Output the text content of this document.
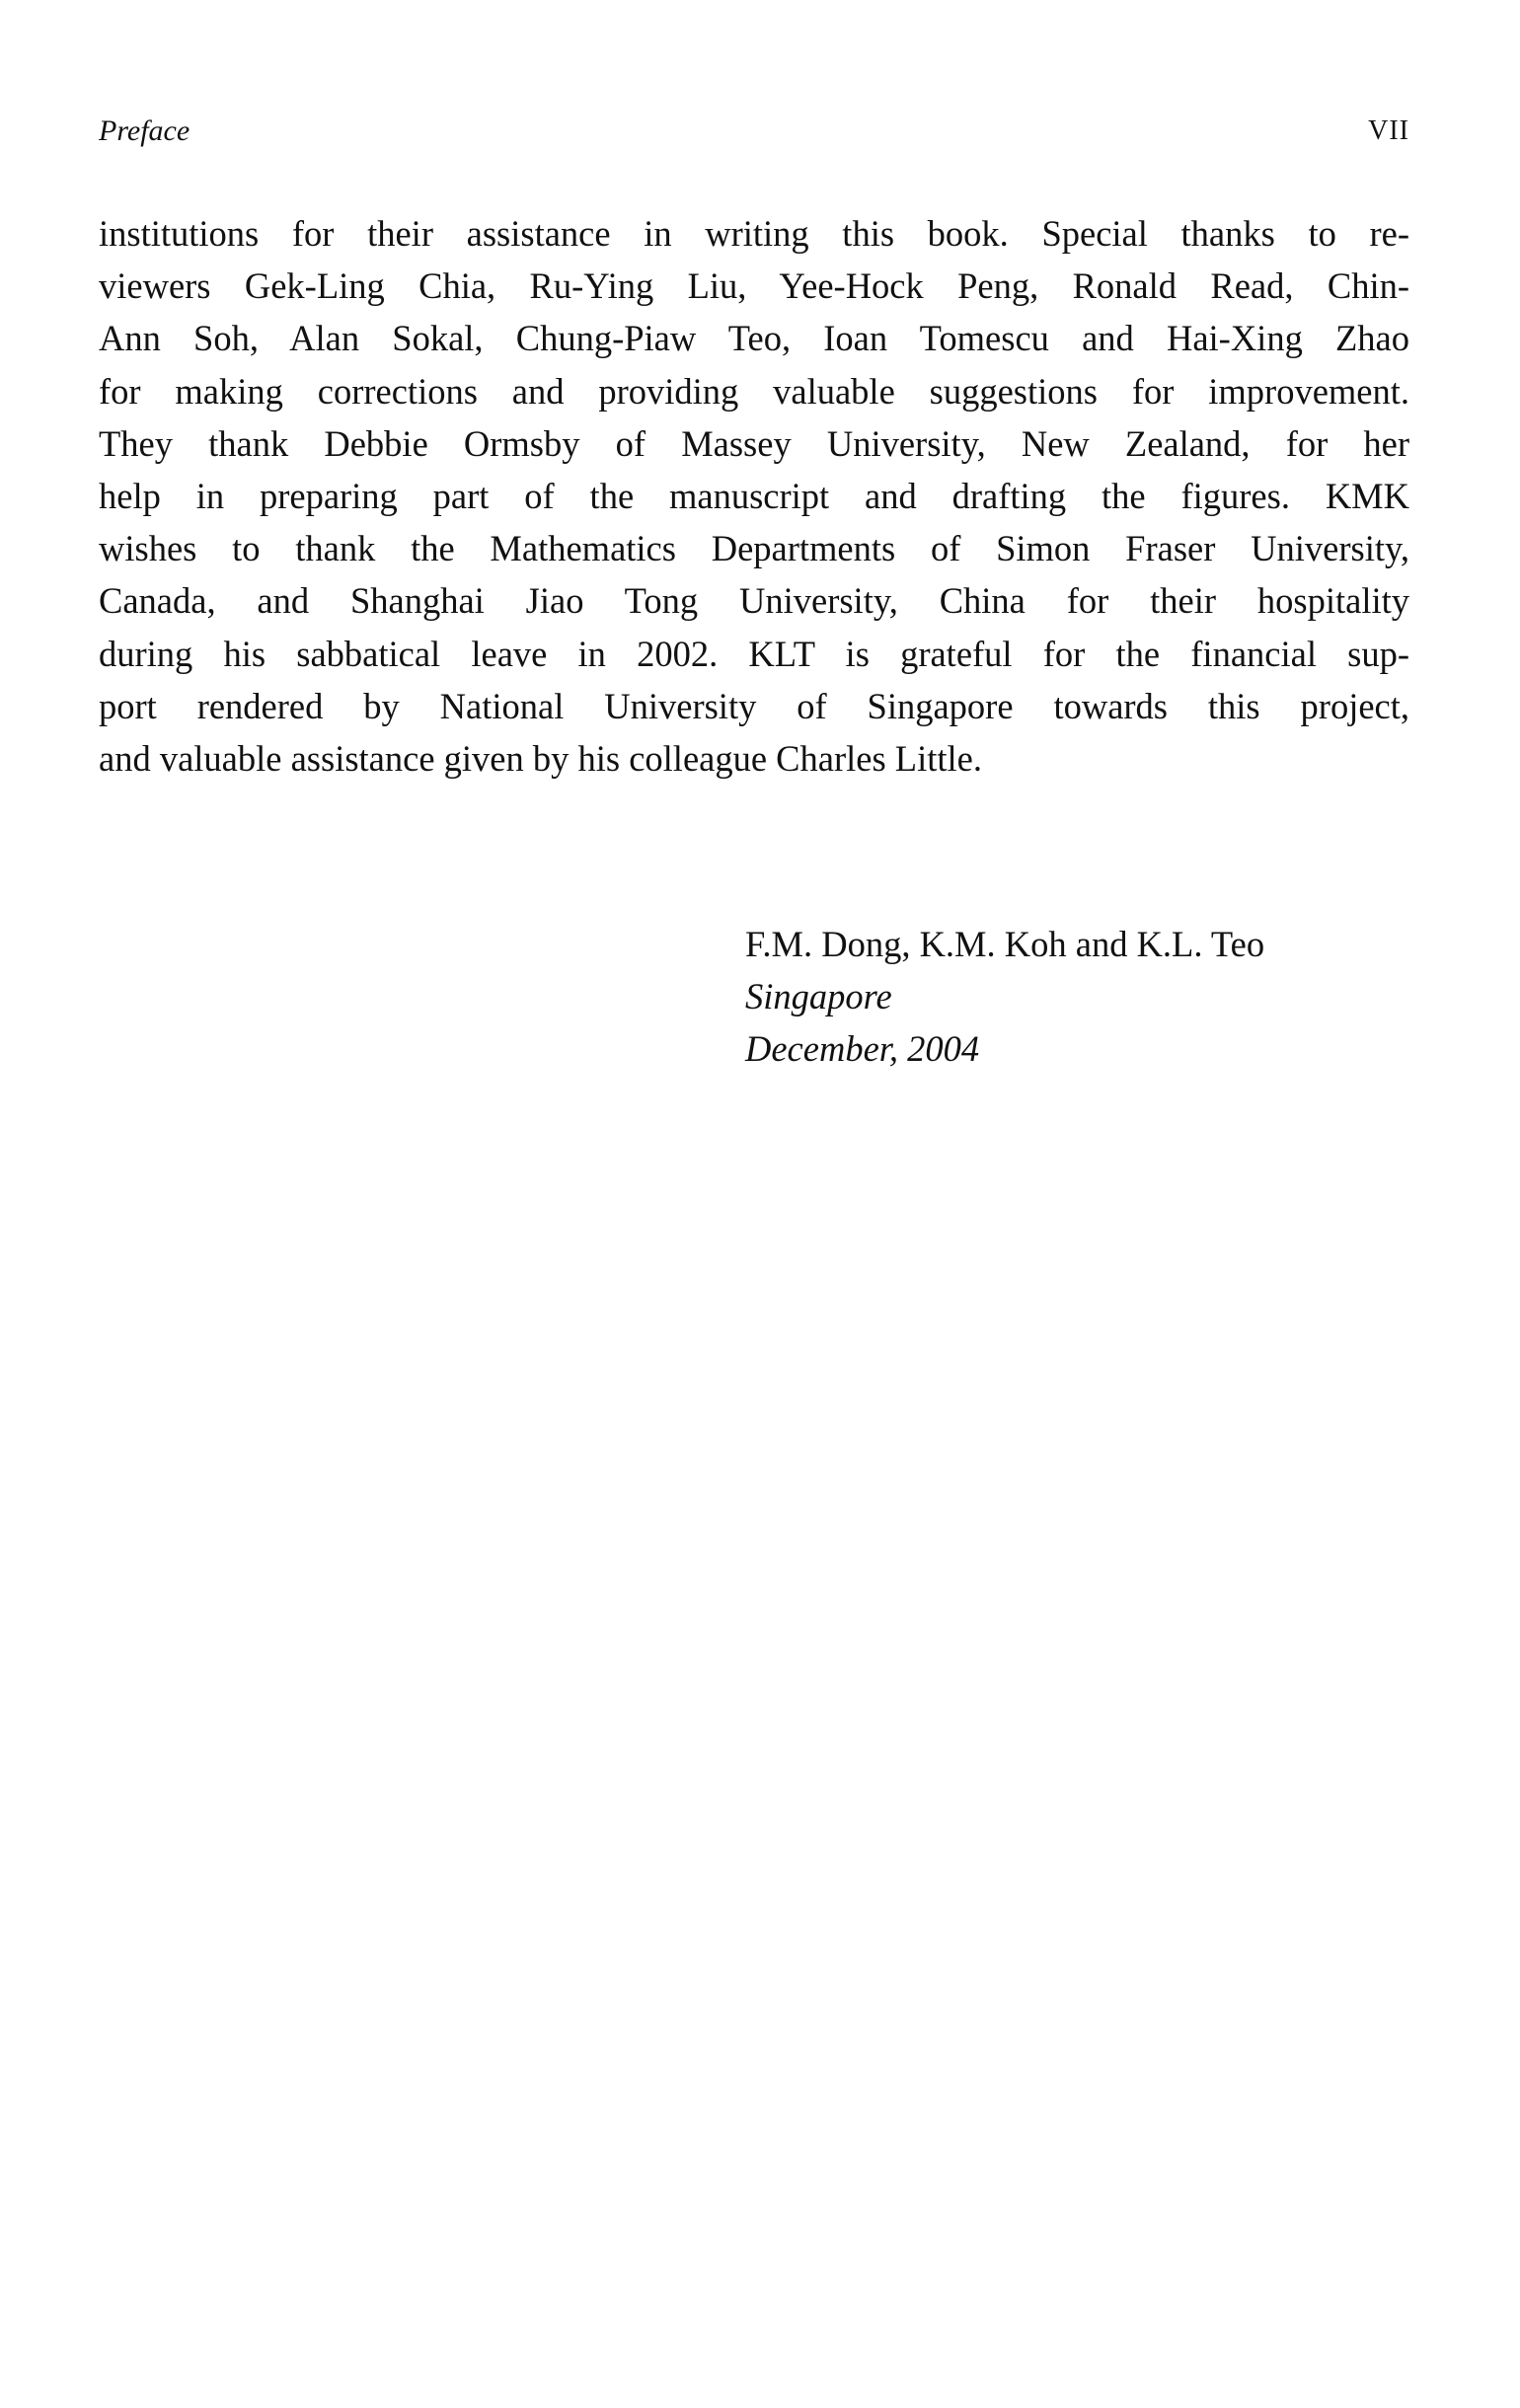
Preface	VII
institutions for their assistance in writing this book. Special thanks to re-
viewers Gek-Ling Chia, Ru-Ying Liu, Yee-Hock Peng, Ronald Read, Chin-
Ann Soh, Alan Sokal, Chung-Piaw Teo, Ioan Tomescu and Hai-Xing Zhao
for making corrections and providing valuable suggestions for improvement.
They thank Debbie Ormsby of Massey University, New Zealand, for her
help in preparing part of the manuscript and drafting the figures. KMK
wishes to thank the Mathematics Departments of Simon Fraser University,
Canada, and Shanghai Jiao Tong University, China for their hospitality
during his sabbatical leave in 2002. KLT is grateful for the financial sup-
port rendered by National University of Singapore towards this project,
and valuable assistance given by his colleague Charles Little.
F.M. Dong, K.M. Koh and K.L. Teo
Singapore
December, 2004
